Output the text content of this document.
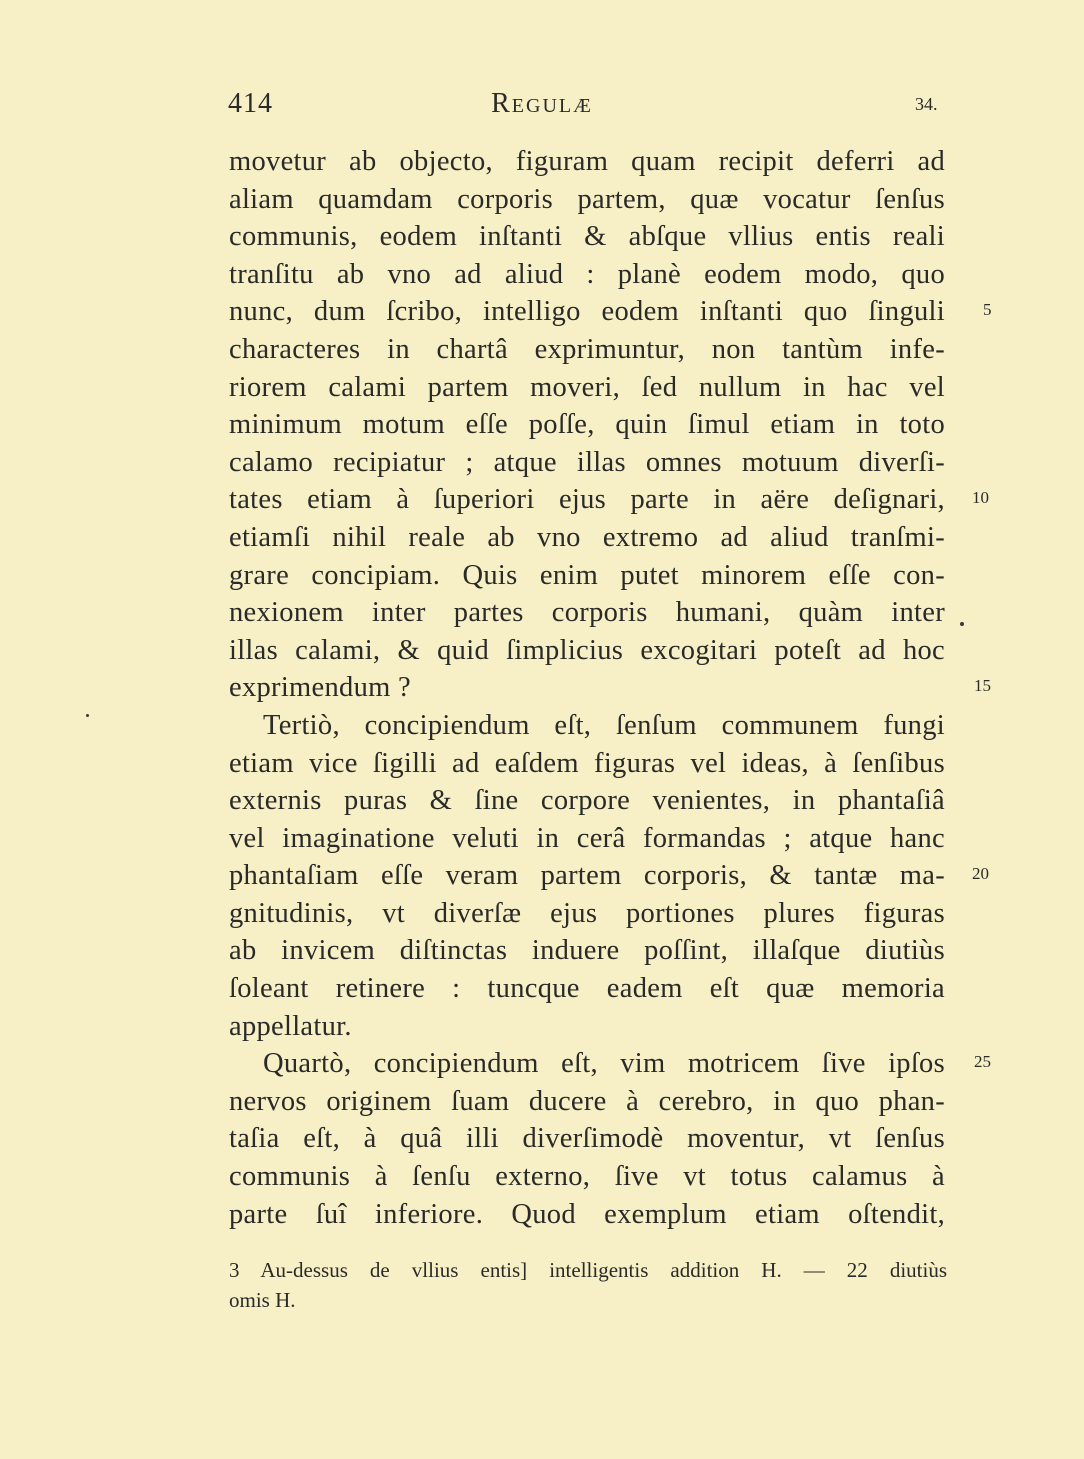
414	Regulæ	34.
movetur ab objecto, figuram quam recipit deferri ad
aliam quamdam corporis partem, quæ vocatur ſenſus
communis, eodem inſtanti & abſque vllius entis reali
tranſitu ab vno ad aliud : planè eodem modo, quo
nunc, dum ſcribo, intelligo eodem inſtanti quo ſinguli
characteres in chartâ exprimuntur, non tantùm infe-
riorem calami partem moveri, ſed nullum in hac vel
minimum motum eſſe poſſe, quin ſimul etiam in toto
calamo recipiatur ; atque illas omnes motuum diverſi-
tates etiam à ſuperiori ejus parte in aëre deſignari,
etiamſi nihil reale ab vno extremo ad aliud tranſmi-
grare concipiam. Quis enim putet minorem eſſe con-
nexionem inter partes corporis humani, quàm inter
illas calami, & quid ſimplicius excogitari poteſt ad hoc
exprimendum ?
Tertiò, concipiendum eſt, ſenſum communem fungi
etiam vice ſigilli ad eaſdem figuras vel ideas, à ſenſibus
externis puras & ſine corpore venientes, in phantaſiâ
vel imaginatione veluti in cerâ formandas ; atque hanc
phantaſiam eſſe veram partem corporis, & tantæ ma-
gnitudinis, vt diverſæ ejus portiones plures figuras
ab invicem diſtinctas induere poſſint, illaſque diutiùs
ſoleant retinere : tuncque eadem eſt quæ memoria
appellatur.
Quartò, concipiendum eſt, vim motricem ſive ipſos
nervos originem ſuam ducere à cerebro, in quo phan-
taſia eſt, à quâ illi diverſimodè moventur, vt ſenſus
communis à ſenſu externo, ſive vt totus calamus à
parte ſuî inferiore. Quod exemplum etiam oſtendit,
5
10
15
20
25
3 Au-dessus de vllius entis] intelligentis addition H. — 22 diutiùs
omis H.
